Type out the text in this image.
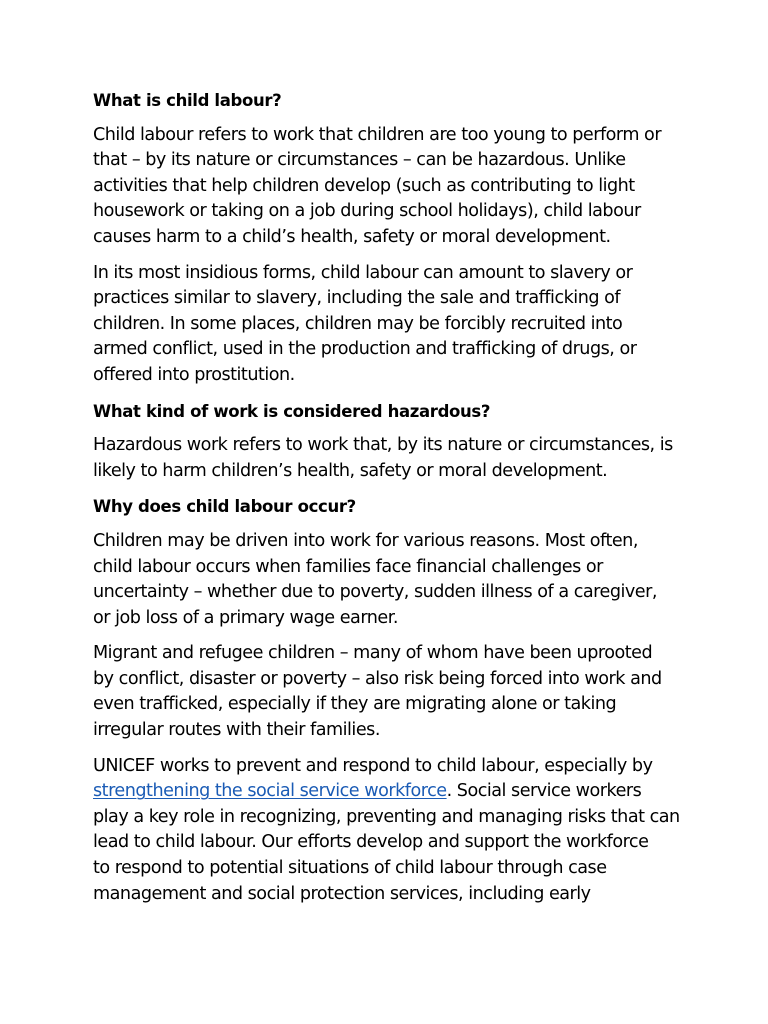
What is child labour?
Child labour refers to work that children are too young to perform or
that – by its nature or circumstances – can be hazardous. Unlike
activities that help children develop (such as contributing to light
housework or taking on a job during school holidays), child labour
causes harm to a child’s health, safety or moral development.
In its most insidious forms, child labour can amount to slavery or
practices similar to slavery, including the sale and trafficking of
children. In some places, children may be forcibly recruited into
armed conflict, used in the production and trafficking of drugs, or
offered into prostitution.
What kind of work is considered hazardous?
Hazardous work refers to work that, by its nature or circumstances, is
likely to harm children’s health, safety or moral development.
Why does child labour occur?
Children may be driven into work for various reasons. Most often,
child labour occurs when families face financial challenges or
uncertainty – whether due to poverty, sudden illness of a caregiver,
or job loss of a primary wage earner.
Migrant and refugee children – many of whom have been uprooted
by conflict, disaster or poverty – also risk being forced into work and
even trafficked, especially if they are migrating alone or taking
irregular routes with their families.
UNICEF works to prevent and respond to child labour, especially by
strengthening the social service workforce. Social service workers
play a key role in recognizing, preventing and managing risks that can
lead to child labour. Our efforts develop and support the workforce
to respond to potential situations of child labour through case
management and social protection services, including early
